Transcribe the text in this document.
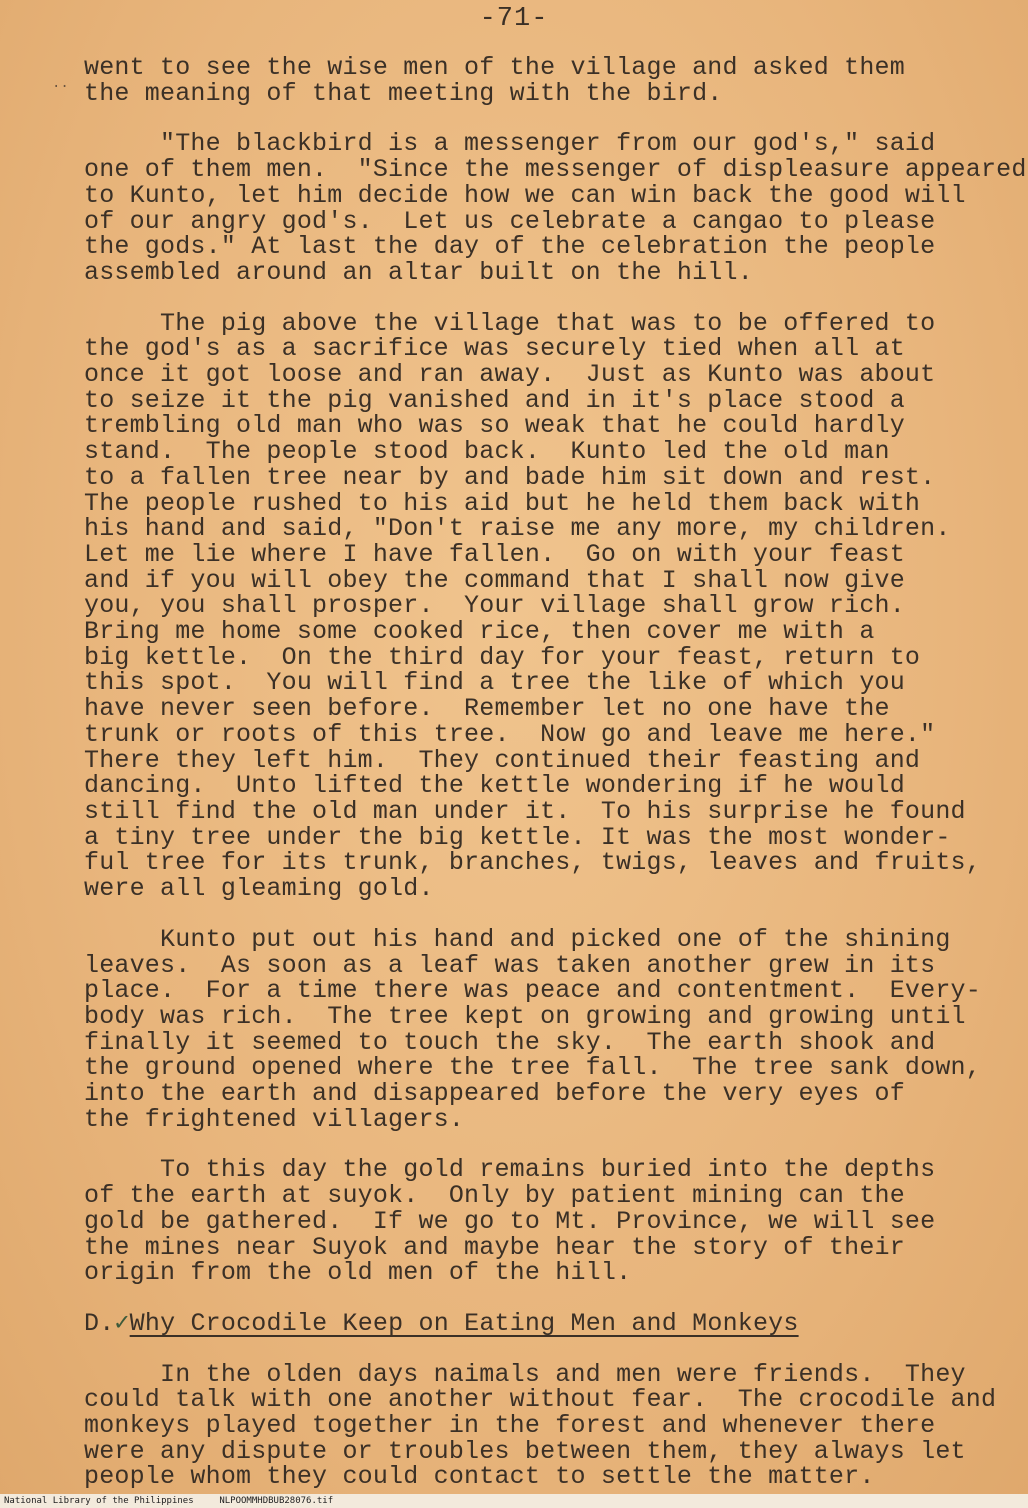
-71-
..

went to see the wise men of the village and asked them
the meaning of that meeting with the bird.

"The blackbird is a messenger from our god's," said
one of them men.  "Since the messenger of displeasure appeared
to Kunto, let him decide how we can win back the good will
of our angry god's.  Let us celebrate a cangao to please
the gods." At last the day of the celebration the people
assembled around an altar built on the hill.

The pig above the village that was to be offered to
the god's as a sacrifice was securely tied when all at
once it got loose and ran away.  Just as Kunto was about
to seize it the pig vanished and in it's place stood a
trembling old man who was so weak that he could hardly
stand.  The people stood back.  Kunto led the old man
to a fallen tree near by and bade him sit down and rest.
The people rushed to his aid but he held them back with
his hand and said, "Don't raise me any more, my children.
Let me lie where I have fallen.  Go on with your feast
and if you will obey the command that I shall now give
you, you shall prosper.  Your village shall grow rich.
Bring me home some cooked rice, then cover me with a
big kettle.  On the third day for your feast, return to
this spot.  You will find a tree the like of which you
have never seen before.  Remember let no one have the
trunk or roots of this tree.  Now go and leave me here."
There they left him.  They continued their feasting and
dancing.  Unto lifted the kettle wondering if he would
still find the old man under it.  To his surprise he found
a tiny tree under the big kettle. It was the most wonder-
ful tree for its trunk, branches, twigs, leaves and fruits,
were all gleaming gold.

Kunto put out his hand and picked one of the shining
leaves.  As soon as a leaf was taken another grew in its
place.  For a time there was peace and contentment.  Every-
body was rich.  The tree kept on growing and growing until
finally it seemed to touch the sky.  The earth shook and
the ground opened where the tree fall.  The tree sank down,
into the earth and disappeared before the very eyes of
the frightened villagers.

To this day the gold remains buried into the depths
of the earth at suyok.  Only by patient mining can the
gold be gathered.  If we go to Mt. Province, we will see
the mines near Suyok and maybe hear the story of their
origin from the old men of the hill.

D.✓Why Crocodile Keep on Eating Men and Monkeys

In the olden days naimals and men were friends.  They
could talk with one another without fear.  The crocodile and
monkeys played together in the forest and whenever there
were any dispute or troubles between them, they always let
people whom they could contact to settle the matter.

National Library of the Philippines	NLPOOMMHDBUB28076.tif
